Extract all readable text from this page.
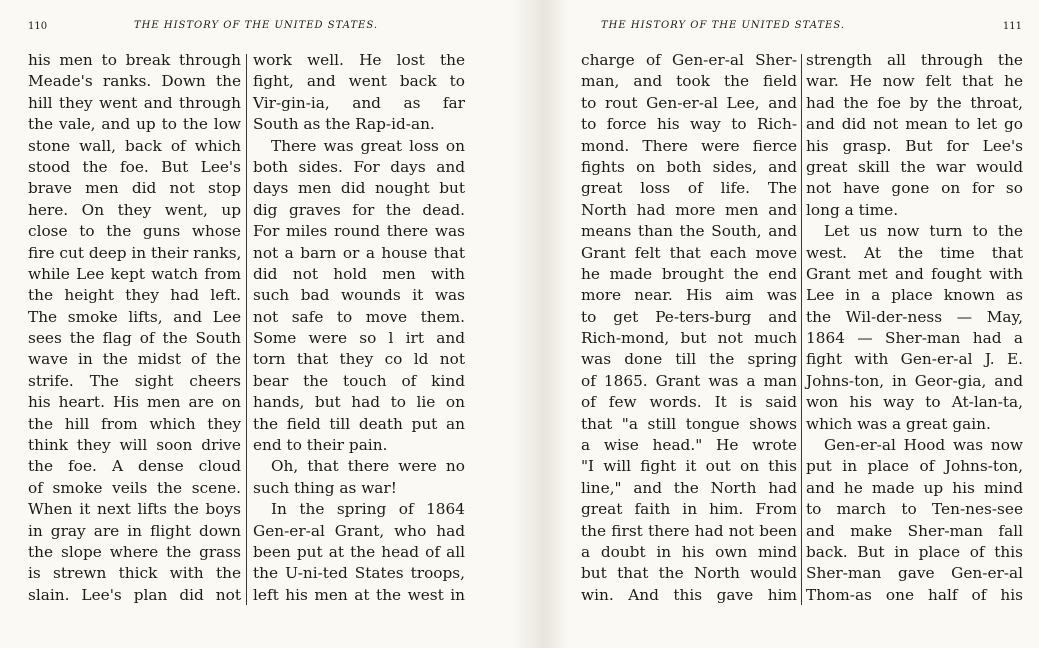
110	THE HISTORY OF THE UNITED STATES.
his men to break through
Meade's ranks. Down the
hill they went and through
the vale, and up to the low
stone wall, back of which
stood the foe. But Lee's
brave men did not stop
here. On they went, up
close to the guns whose
fire cut deep in their ranks,
while Lee kept watch from
the height they had left.
The smoke lifts, and Lee
sees the flag of the South
wave in the midst of the
strife. The sight cheers
his heart. His men are on
the hill from which they
think they will soon drive
the foe. A dense cloud
of smoke veils the scene.
When it next lifts the boys
in gray are in flight down
the slope where the grass
is strewn thick with the
slain. Lee's plan did not
work well. He lost the
fight, and went back to
Vir-gin-ia, and as far
South as the Rap-id-an.
There was great loss on
both sides. For days and
days men did nought but
dig graves for the dead.
For miles round there was
not a barn or a house that
did not hold men with
such bad wounds it was
not safe to move them.
Some were so l irt and
torn that they co ld not
bear the touch of kind
hands, but had to lie on
the field till death put an
end to their pain.
Oh, that there were no
such thing as war!
In the spring of 1864
Gen-er-al Grant, who had
been put at the head of all
the U-ni-ted States troops,
left his men at the west in
THE HISTORY OF THE UNITED STATES.	111
charge of Gen-er-al Sher-
man, and took the field
to rout Gen-er-al Lee, and
to force his way to Rich-
mond. There were fierce
fights on both sides, and
great loss of life. The
North had more men and
means than the South, and
Grant felt that each move
he made brought the end
more near. His aim was
to get Pe-ters-burg and
Rich-mond, but not much
was done till the spring
of 1865. Grant was a man
of few words. It is said
that "a still tongue shows
a wise head." He wrote
"I will fight it out on this
line," and the North had
great faith in him. From
the first there had not been
a doubt in his own mind
but that the North would
win. And this gave him
strength all through the
war. He now felt that he
had the foe by the throat,
and did not mean to let go
his grasp. But for Lee's
great skill the war would
not have gone on for so
long a time.
Let us now turn to the
west. At the time that
Grant met and fought with
Lee in a place known as
the Wil-der-ness — May,
1864 — Sher-man had a
fight with Gen-er-al J. E.
Johns-ton, in Geor-gia, and
won his way to At-lan-ta,
which was a great gain.
Gen-er-al Hood was now
put in place of Johns-ton,
and he made up his mind
to march to Ten-nes-see
and make Sher-man fall
back. But in place of this
Sher-man gave Gen-er-al
Thom-as one half of his
